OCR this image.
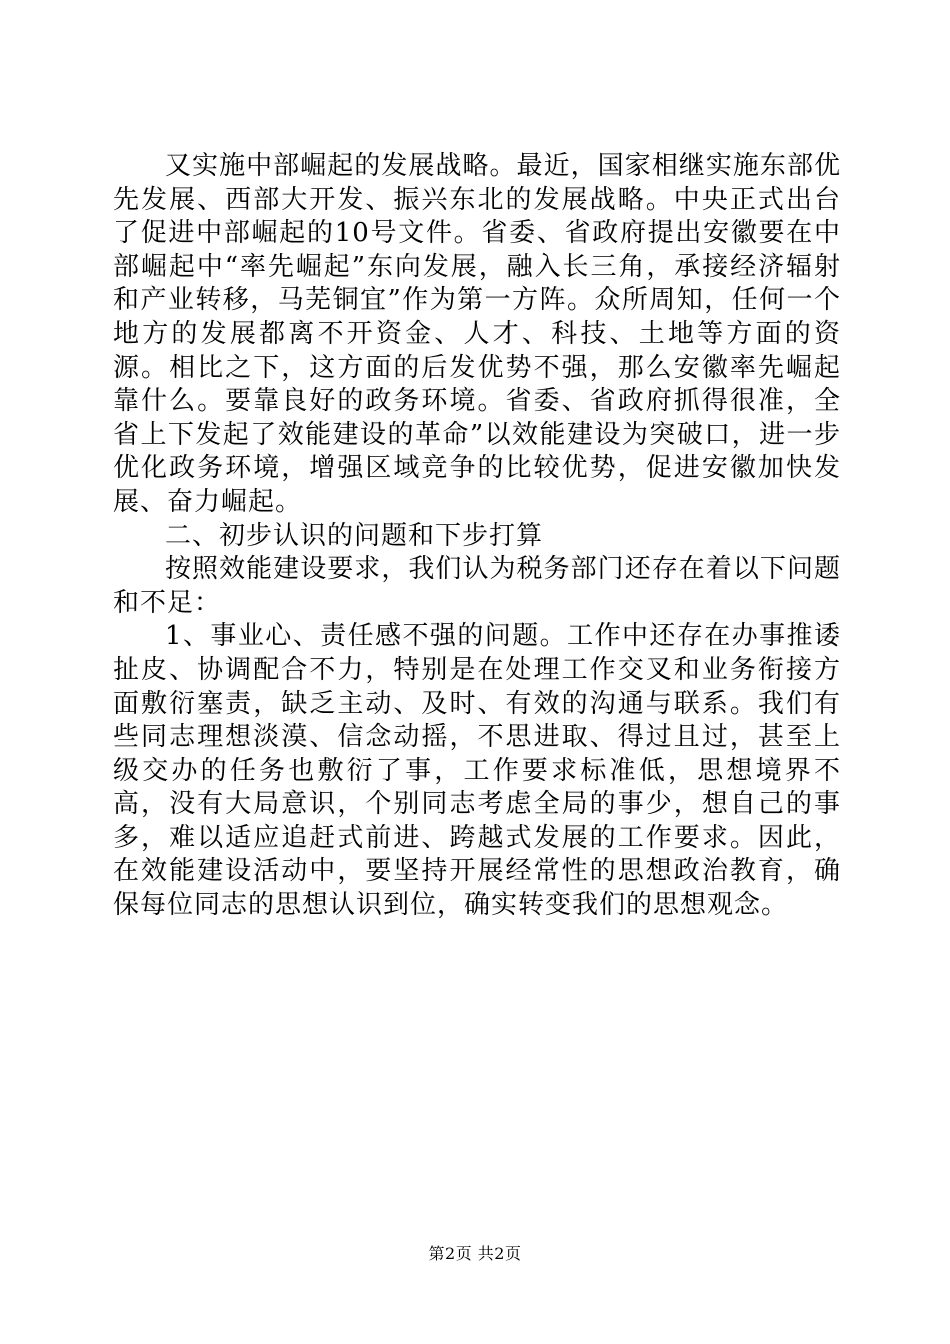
又实施中部崛起的发展战略。最近，国家相继实施东部优先发展、西部大开发、振兴东北的发展战略。中央正式出台了促进中部崛起的10号文件。省委、省政府提出安徽要在中部崛起中“率先崛起”东向发展，融入长三角，承接经济辐射和产业转移，马芜铜宜”作为第一方阵。众所周知，任何一个地方的发展都离不开资金、人才、科技、土地等方面的资源。相比之下，这方面的后发优势不强，那么安徽率先崛起靠什么。要靠良好的政务环境。省委、省政府抓得很准，全省上下发起了效能建设的革命”以效能建设为突破口，进一步优化政务环境，增强区域竞争的比较优势，促进安徽加快发展、奋力崛起。

二、初步认识的问题和下步打算

按照效能建设要求，我们认为税务部门还存在着以下问题和不足：

1、事业心、责任感不强的问题。工作中还存在办事推诿扯皮、协调配合不力，特别是在处理工作交叉和业务衔接方面敷衍塞责，缺乏主动、及时、有效的沟通与联系。我们有些同志理想淡漠、信念动摇，不思进取、得过且过，甚至上级交办的任务也敷衍了事，工作要求标准低，思想境界不高，没有大局意识，个别同志考虑全局的事少，想自己的事多，难以适应追赶式前进、跨越式发展的工作要求。因此，在效能建设活动中，要坚持开展经常性的思想政治教育，确保每位同志的思想认识到位，确实转变我们的思想观念。

第2页 共2页
